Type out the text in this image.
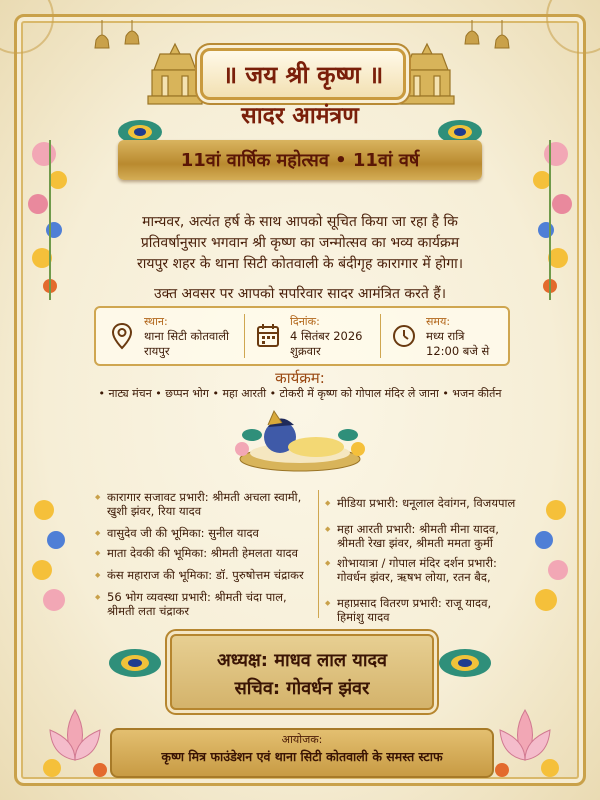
॥ जय श्री कृष्ण ॥
सादर आमंत्रण
11वां वार्षिक महोत्सव • 11वां वर्ष
मान्यवर, अत्यंत हर्ष के साथ आपको सूचित किया जा रहा है कि
प्रतिवर्षानुसार भगवान श्री कृष्ण का जन्मोत्सव का भव्य कार्यक्रम
रायपुर शहर के थाना सिटी कोतवाली के बंदीगृह कारागार में होगा।
उक्त अवसर पर आपको सपरिवार सादर आमंत्रित करते हैं।
स्थान:
थाना सिटी कोतवाली
रायपुर
दिनांक:
4 सितंबर 2026
शुक्रवार
समय:
मध्य रात्रि
12:00 बजे से
कार्यक्रम:
• नाट्य मंचन • छप्पन भोग • महा आरती • टोकरी में कृष्ण को गोपाल मंदिर ले जाना • भजन कीर्तन
◆ कारागार सजावट प्रभारी: श्रीमती अचला स्वामी,
खुशी झंवर, रिया यादव
◆ वासुदेव जी की भूमिका: सुनील यादव
◆ माता देवकी की भूमिका: श्रीमती हेमलता यादव
◆ कंस महाराज की भूमिका: डॉ. पुरुषोत्तम चंद्राकर
◆ 56 भोग व्यवस्था प्रभारी: श्रीमती चंदा पाल,
श्रीमती लता चंद्राकर
◆ मीडिया प्रभारी: धनूलाल देवांगन, विजयपाल
◆ महा आरती प्रभारी: श्रीमती मीना यादव,
श्रीमती रेखा झंवर, श्रीमती ममता कुर्मी
◆ शोभायात्रा / गोपाल मंदिर दर्शन प्रभारी:
गोवर्धन झंवर, ऋषभ लोया, रतन बैद,
◆ महाप्रसाद वितरण प्रभारी: राजू यादव,
हिमांशु यादव
अध्यक्ष: माधव लाल यादव
सचिव: गोवर्धन झंवर
आयोजक:
कृष्ण मित्र फाउंडेशन एवं थाना सिटी कोतवाली के समस्त स्टाफ
